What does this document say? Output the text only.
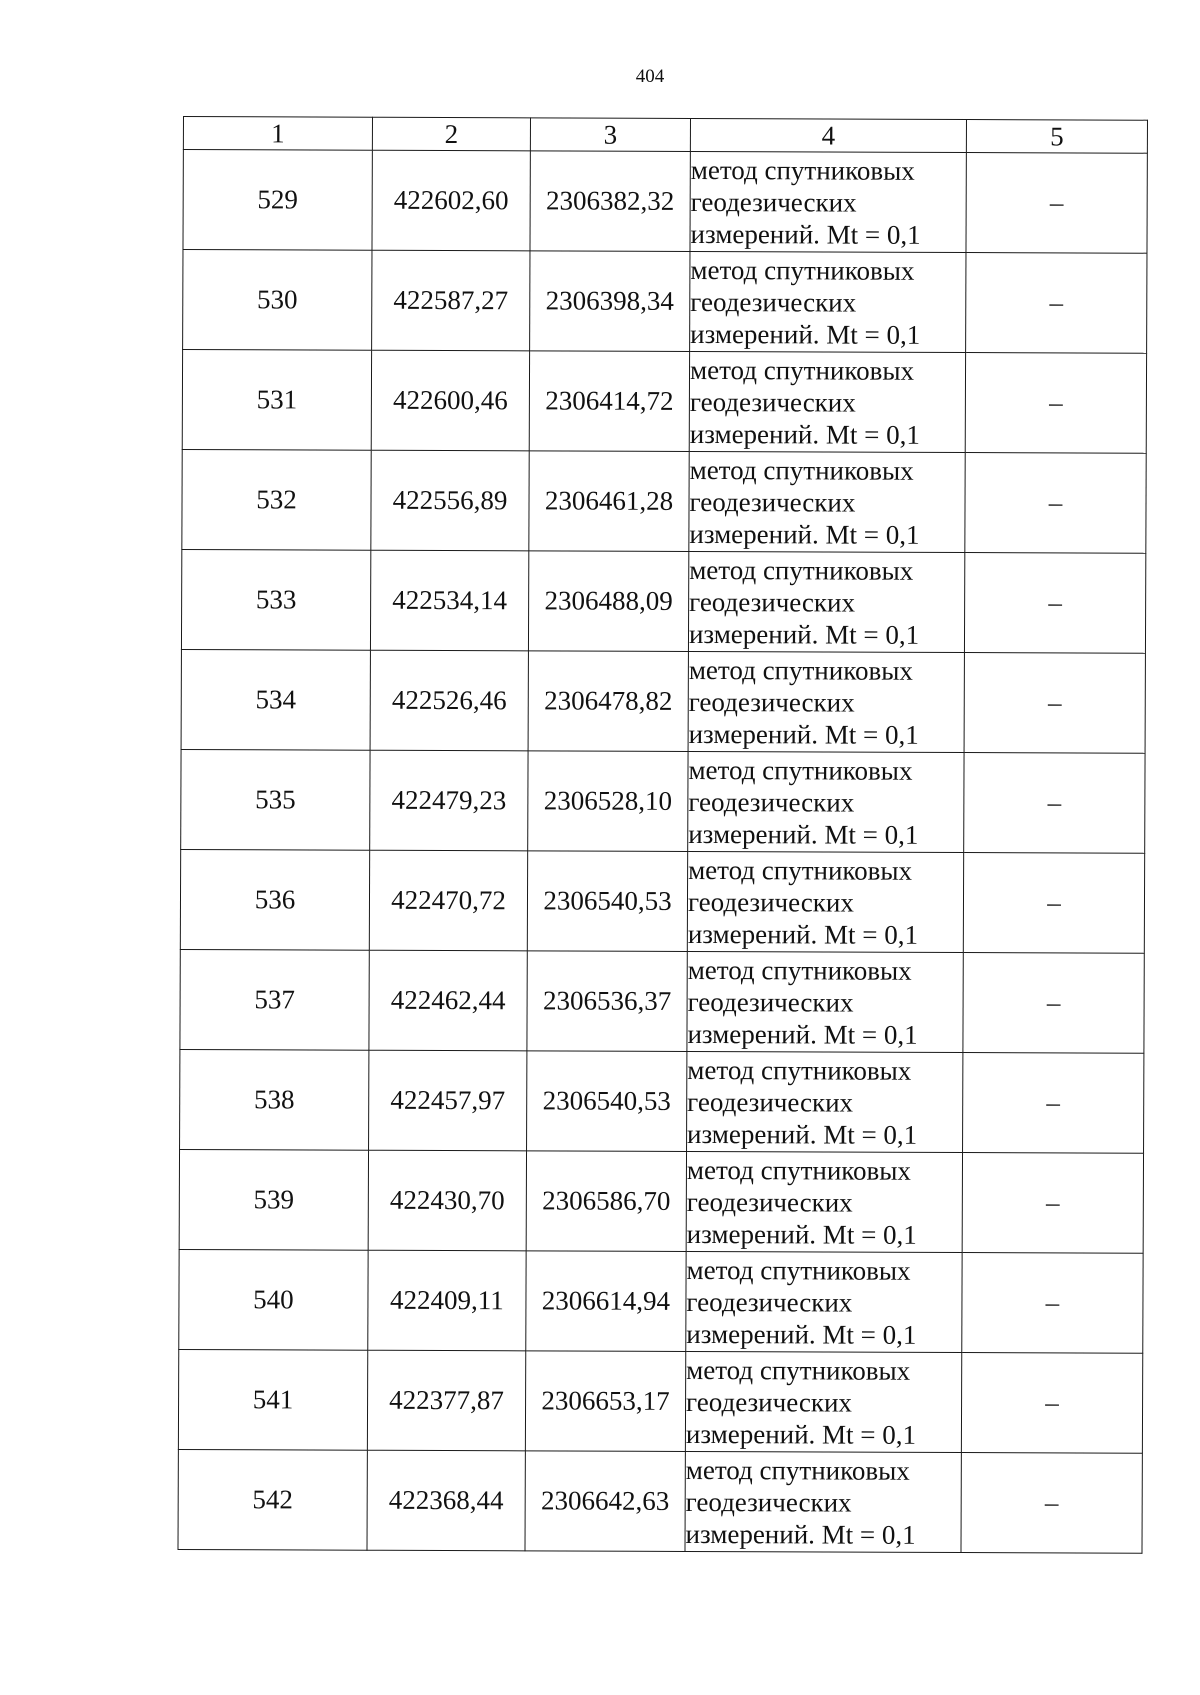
404
1	2	3	4	5
529	422602,60	2306382,32	метод спутниковых
геодезических
измерений. Mt = 0,1	–
530	422587,27	2306398,34	метод спутниковых
геодезических
измерений. Mt = 0,1	–
531	422600,46	2306414,72	метод спутниковых
геодезических
измерений. Mt = 0,1	–
532	422556,89	2306461,28	метод спутниковых
геодезических
измерений. Mt = 0,1	–
533	422534,14	2306488,09	метод спутниковых
геодезических
измерений. Mt = 0,1	–
534	422526,46	2306478,82	метод спутниковых
геодезических
измерений. Mt = 0,1	–
535	422479,23	2306528,10	метод спутниковых
геодезических
измерений. Mt = 0,1	–
536	422470,72	2306540,53	метод спутниковых
геодезических
измерений. Mt = 0,1	–
537	422462,44	2306536,37	метод спутниковых
геодезических
измерений. Mt = 0,1	–
538	422457,97	2306540,53	метод спутниковых
геодезических
измерений. Mt = 0,1	–
539	422430,70	2306586,70	метод спутниковых
геодезических
измерений. Mt = 0,1	–
540	422409,11	2306614,94	метод спутниковых
геодезических
измерений. Mt = 0,1	–
541	422377,87	2306653,17	метод спутниковых
геодезических
измерений. Mt = 0,1	–
542	422368,44	2306642,63	метод спутниковых
геодезических
измерений. Mt = 0,1	–
